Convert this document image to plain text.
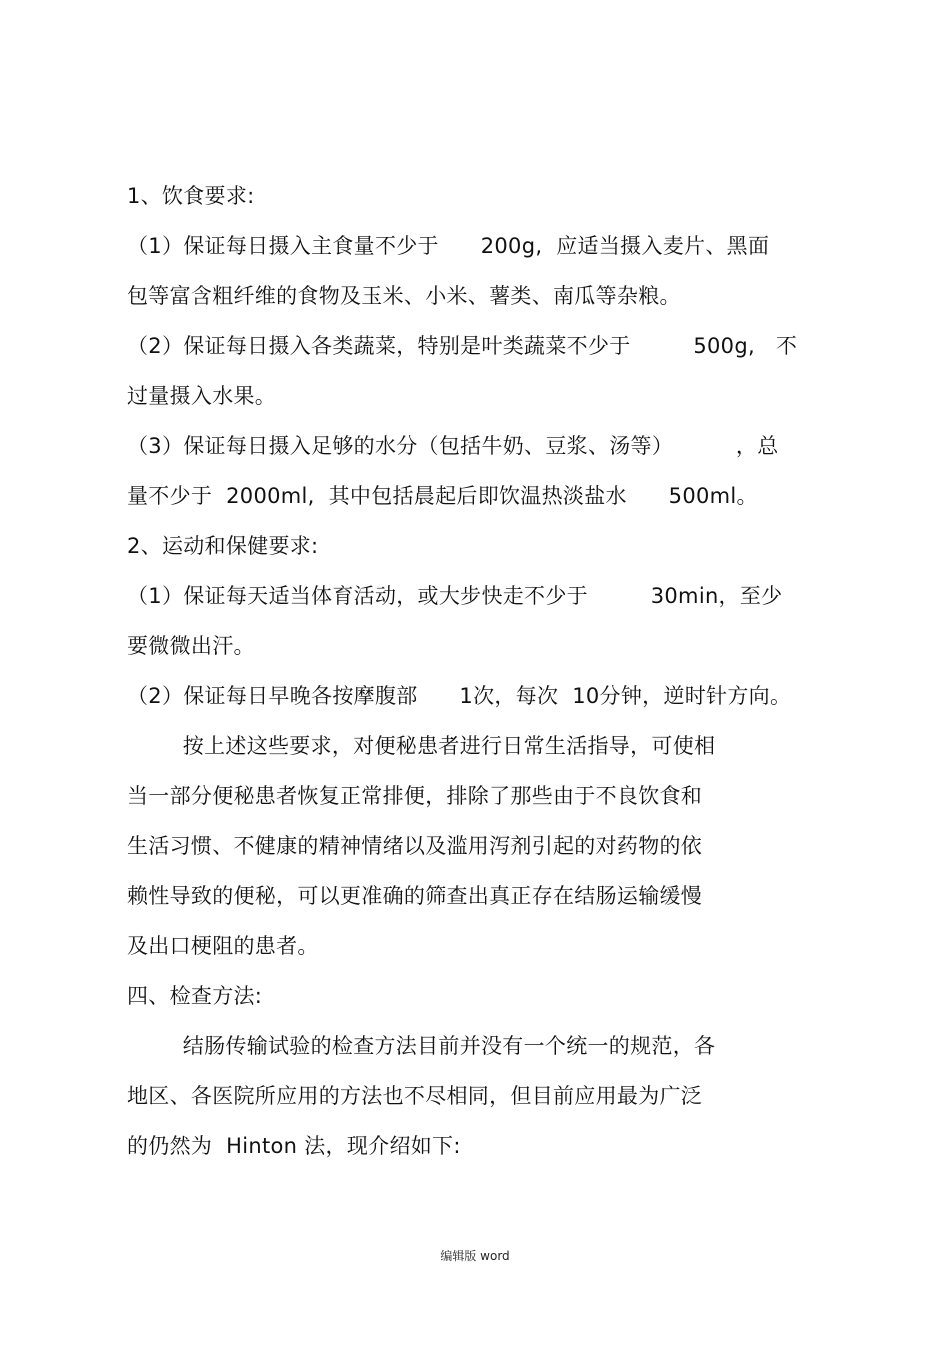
1、饮食要求:
（1）保证每日摄入主食量不少于      200g,  应适当摄入麦片、黑面
包等富含粗纤维的食物及玉米、小米、薯类、南瓜等杂粮。
（2）保证每日摄入各类蔬菜，特别是叶类蔬菜不少于         500g,   不
过量摄入水果。
（3）保证每日摄入足够的水分（包括牛奶、豆浆、汤等）         ，总
量不少于  2000ml,  其中包括晨起后即饮温热淡盐水      500ml。
2、运动和保健要求:
（1）保证每天适当体育活动，或大步快走不少于         30min，至少
要微微出汗。
（2）保证每日早晚各按摩腹部      1次，每次  10分钟，逆时针方向。
按上述这些要求，对便秘患者进行日常生活指导，可使相
当一部分便秘患者恢复正常排便，排除了那些由于不良饮食和
生活习惯、不健康的精神情绪以及滥用泻剂引起的对药物的依
赖性导致的便秘，可以更准确的筛查出真正存在结肠运输缓慢
及出口梗阻的患者。
四、检查方法:
结肠传输试验的检查方法目前并没有一个统一的规范，各
地区、各医院所应用的方法也不尽相同，但目前应用最为广泛
的仍然为  Hinton 法，现介绍如下:
编辑版 word
